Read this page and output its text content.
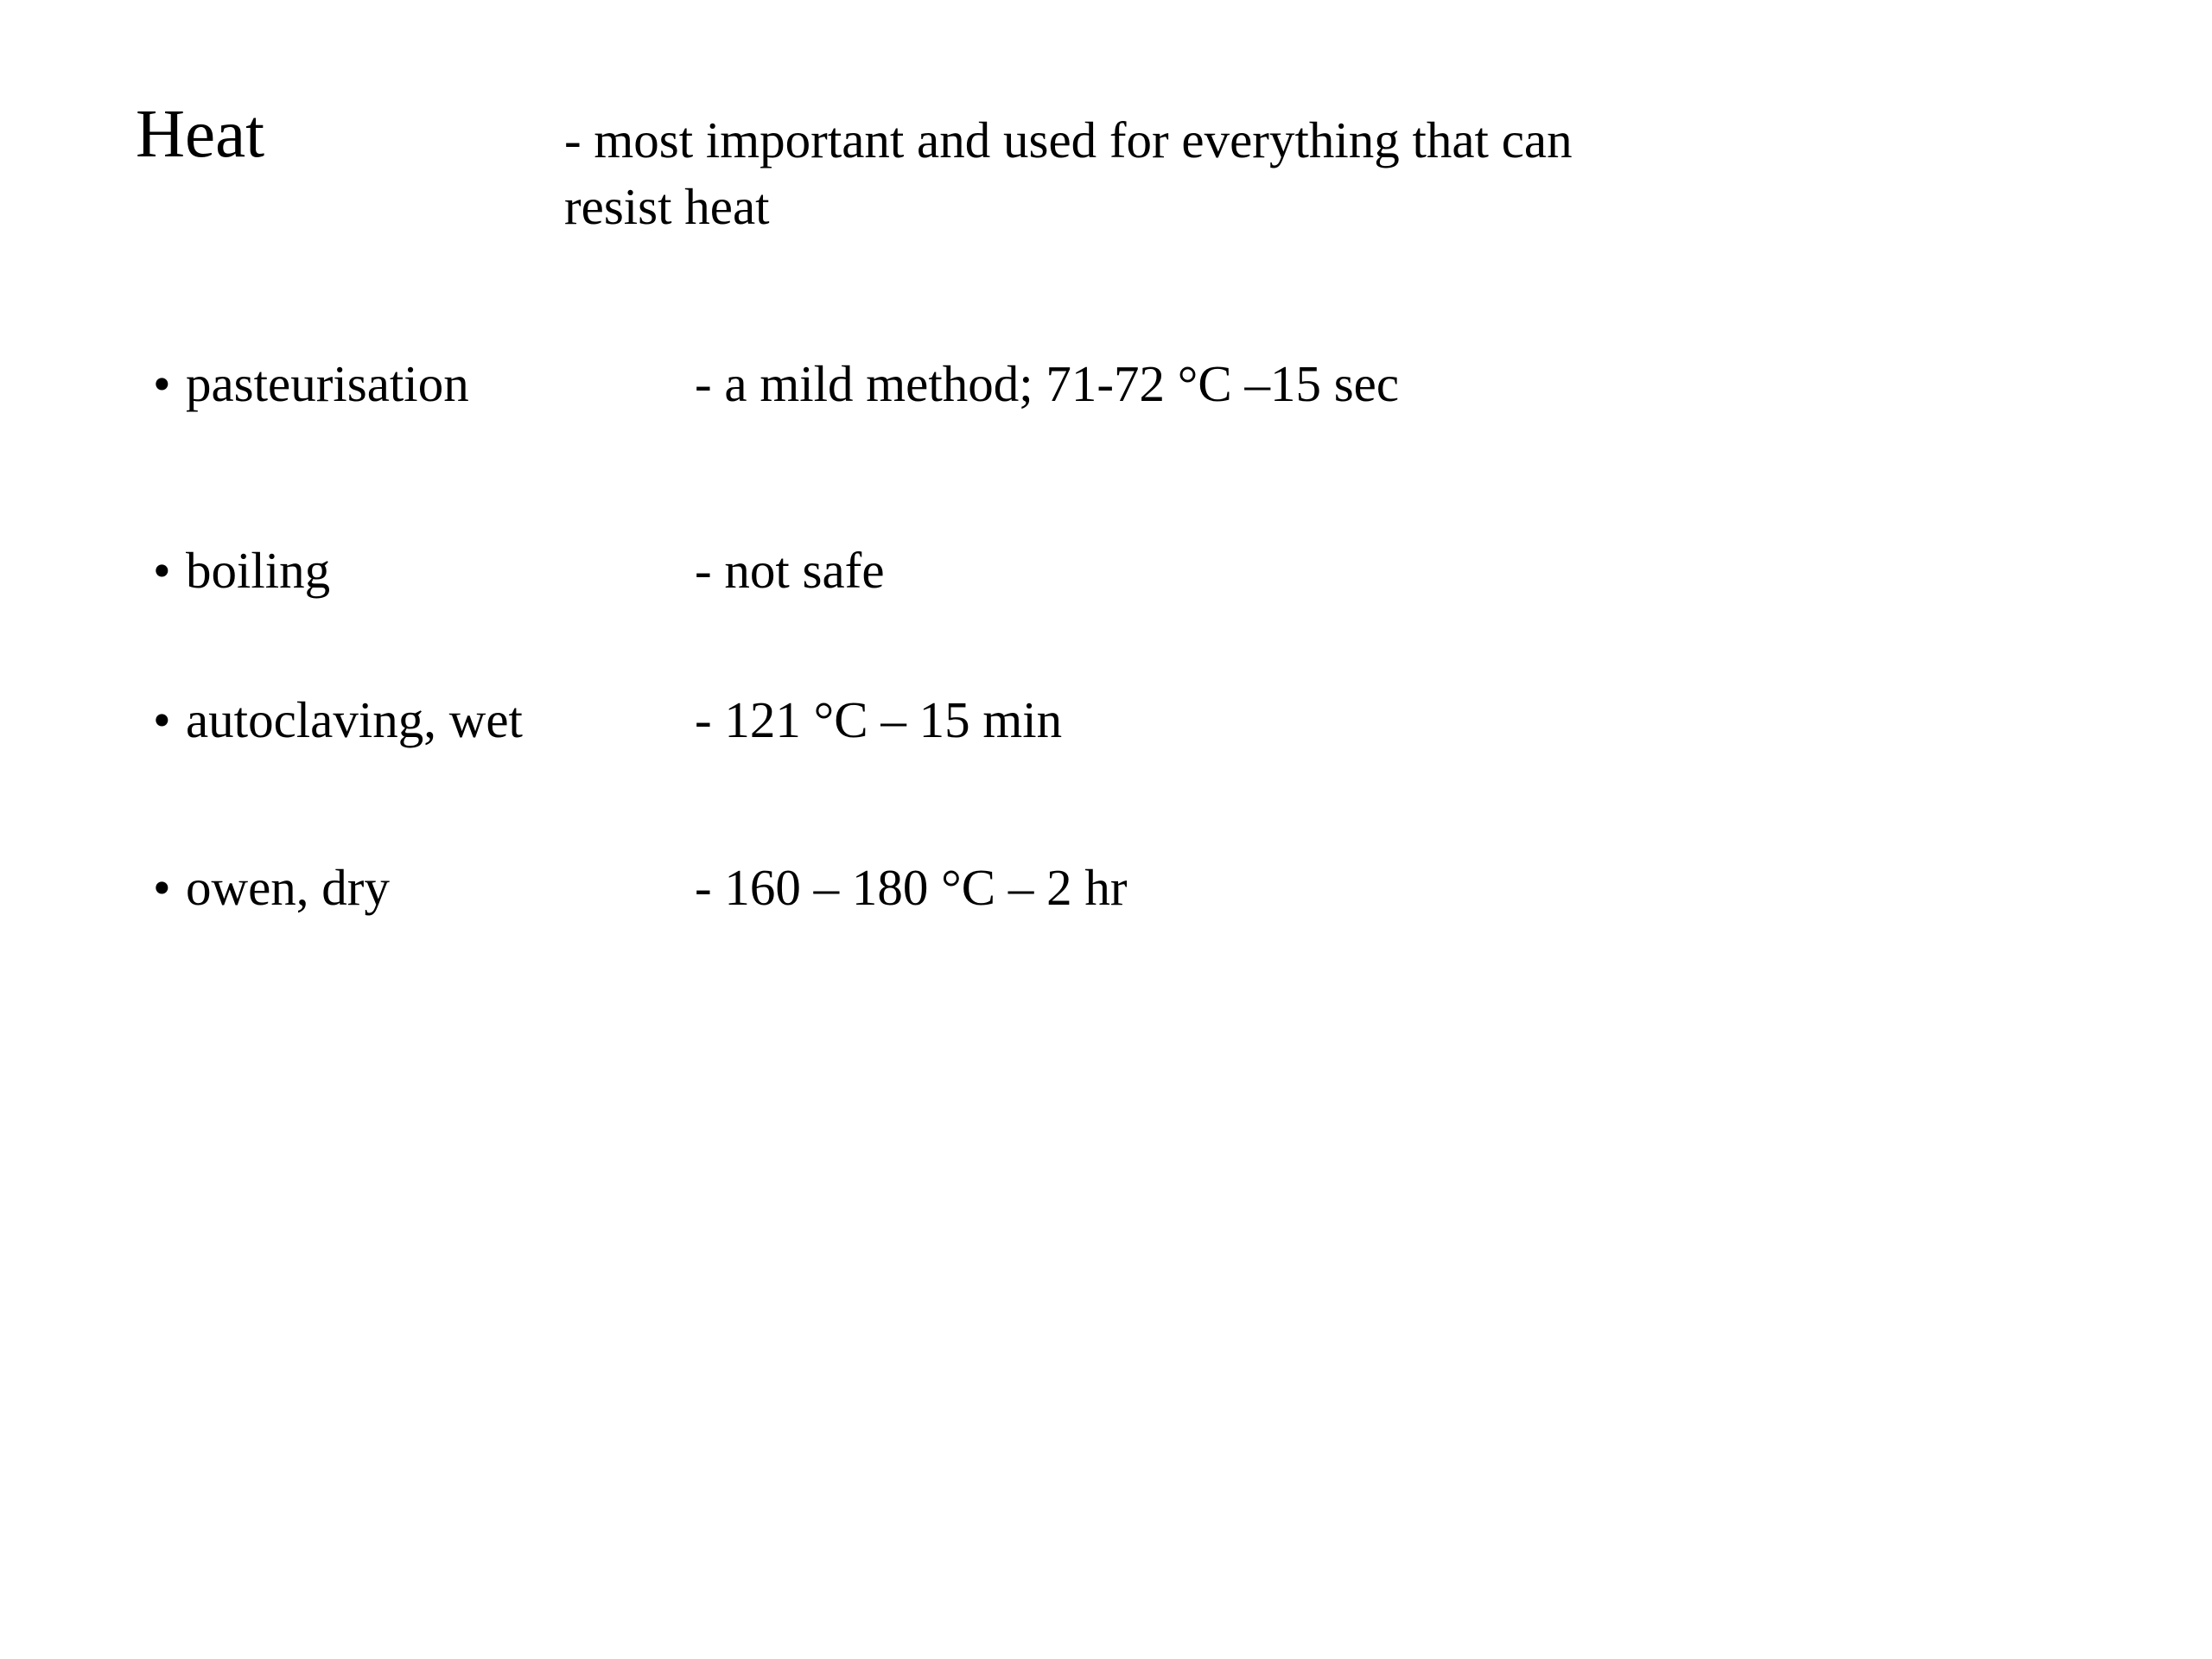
Heat	- most important and used for everything that can
resist heat
• pasteurisation	- a mild method; 71-72 °C –15 sec
• boiling	- not safe
• autoclaving, wet	- 121 °C – 15 min
• owen, dry	- 160 – 180 °C – 2 hr
